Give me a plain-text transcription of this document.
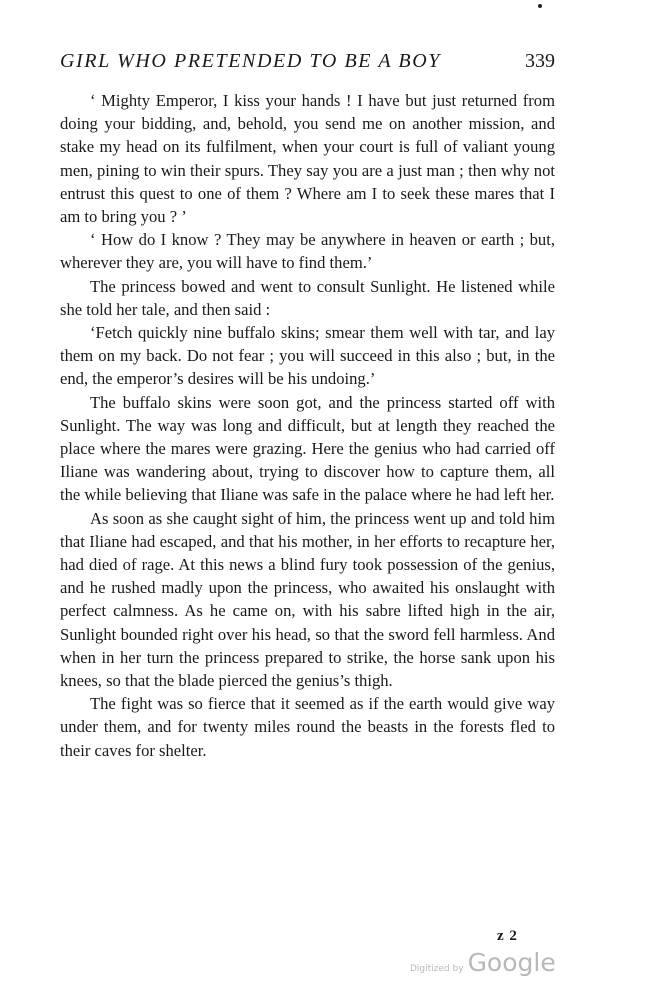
GIRL WHO PRETENDED TO BE A BOY	339

‘ Mighty Emperor, I kiss your hands ! I have but just returned from doing your bidding, and, behold, you send me on another mission, and stake my head on its fulfilment, when your court is full of valiant young men, pining to win their spurs. They say you are a just man ; then why not entrust this quest to one of them ? Where am I to seek these mares that I am to bring you ? ’

‘ How do I know ? They may be anywhere in heaven or earth ; but, wherever they are, you will have to find them.’

The princess bowed and went to consult Sunlight. He listened while she told her tale, and then said :

‘Fetch quickly nine buffalo skins; smear them well with tar, and lay them on my back. Do not fear ; you will succeed in this also ; but, in the end, the emperor’s desires will be his undoing.’

The buffalo skins were soon got, and the princess started off with Sunlight. The way was long and difficult, but at length they reached the place where the mares were grazing. Here the genius who had carried off Iliane was wandering about, trying to discover how to capture them, all the while believing that Iliane was safe in the palace where he had left her.

As soon as she caught sight of him, the princess went up and told him that Iliane had escaped, and that his mother, in her efforts to recapture her, had died of rage. At this news a blind fury took possession of the genius, and he rushed madly upon the princess, who awaited his onslaught with perfect calmness. As he came on, with his sabre lifted high in the air, Sunlight bounded right over his head, so that the sword fell harmless. And when in her turn the princess prepared to strike, the horse sank upon his knees, so that the blade pierced the genius’s thigh.

The fight was so fierce that it seemed as if the earth would give way under them, and for twenty miles round the beasts in the forests fled to their caves for shelter.

z 2
Digitized by Google
